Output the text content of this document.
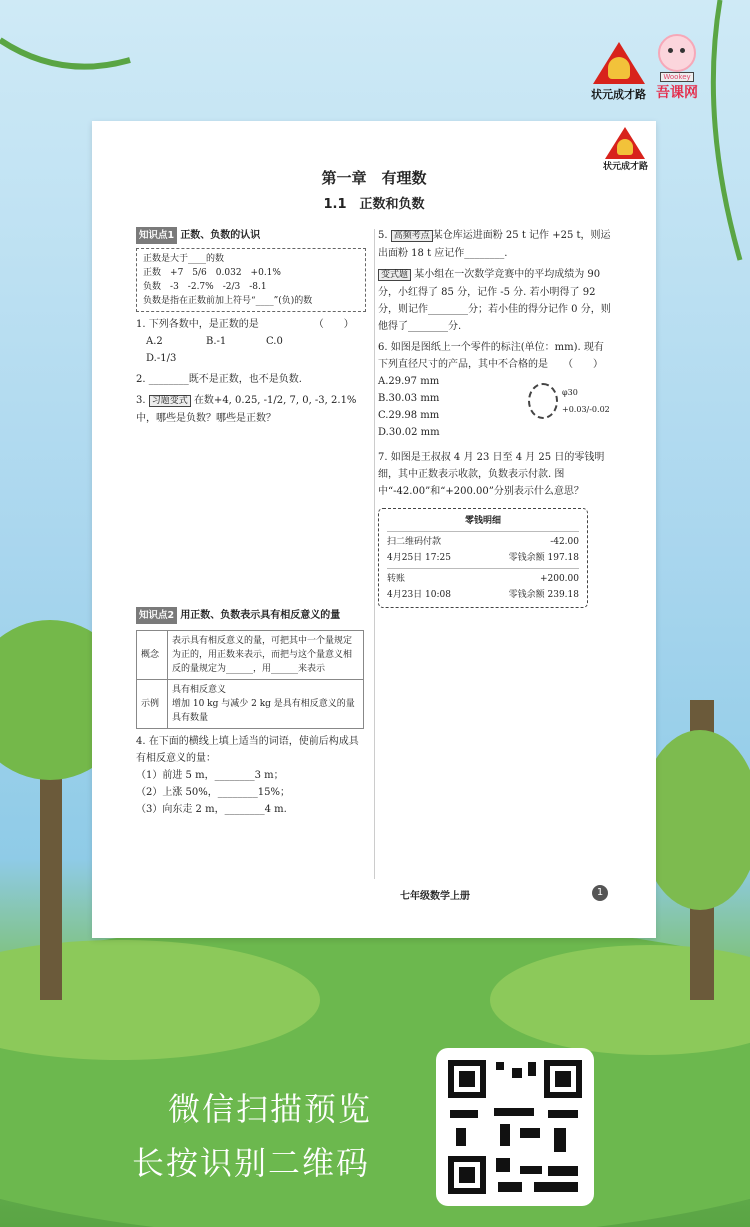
状元成才路
Wookey
吾课网
状元成才路
第一章　有理数
1.1　正数和负数
知识点1 正数、负数的认识
正数是大于____的数
正数　 +7　5/6　0.032　+0.1%
负数　 -3　-2.7%　-2/3　-8.1
负数是指在正数前加上符号“____”(负)的数
1. 下列各数中，是正数的是　　　　　　（　　）
A.2	B.-1	C.0D.-1/3
2. ________既不是正数，也不是负数.
3. 习题变式 在数+4, 0.25, -1/2, 7, 0, -3, 2.1% 中，哪些是负数？哪些是正数？
知识点2 用正数、负数表示具有相反意义的量
概念	表示具有相反意义的量，可把其中一个量规定为正的，用正数来表示，而把与这个量意义相反的量规定为______，用______来表示
示例	具有相反意义
增加 10 kg 与减少 2 kg 是具有相反意义的量
具有数量
4. 在下面的横线上填上适当的词语，使前后构成具有相反意义的量：
（1）前进 5 m，________3 m；
（2）上涨 50%，________15%；
（3）向东走 2 m，________4 m.
5. 高频考点 某仓库运进面粉 25 t 记作 +25 t，则运出面粉 18 t 应记作________.
变式题 某小组在一次数学竞赛中的平均成绩为 90 分，小红得了 85 分，记作 -5 分. 若小明得了 92 分，则记作________分；若小佳的得分记作 0 分，则他得了________分.
6. 如图是图纸上一个零件的标注(单位：mm). 现有下列直径尺寸的产品，其中不合格的是　　（　　）
A.29.97 mm
B.30.03 mm
C.29.98 mm
D.30.02 mm
φ30 +0.03/-0.02
7. 如图是王叔叔 4 月 23 日至 4 月 25 日的零钱明细，其中正数表示收款，负数表示付款. 图中“-42.00”和“+200.00”分别表示什么意思？
零钱明细
扫二维码付款	-42.00
4月25日 17:25	零钱余额 197.18
转账	+200.00
4月23日 10:08	零钱余额 239.18
七年级数学上册	1
微信扫描预览
长按识别二维码
